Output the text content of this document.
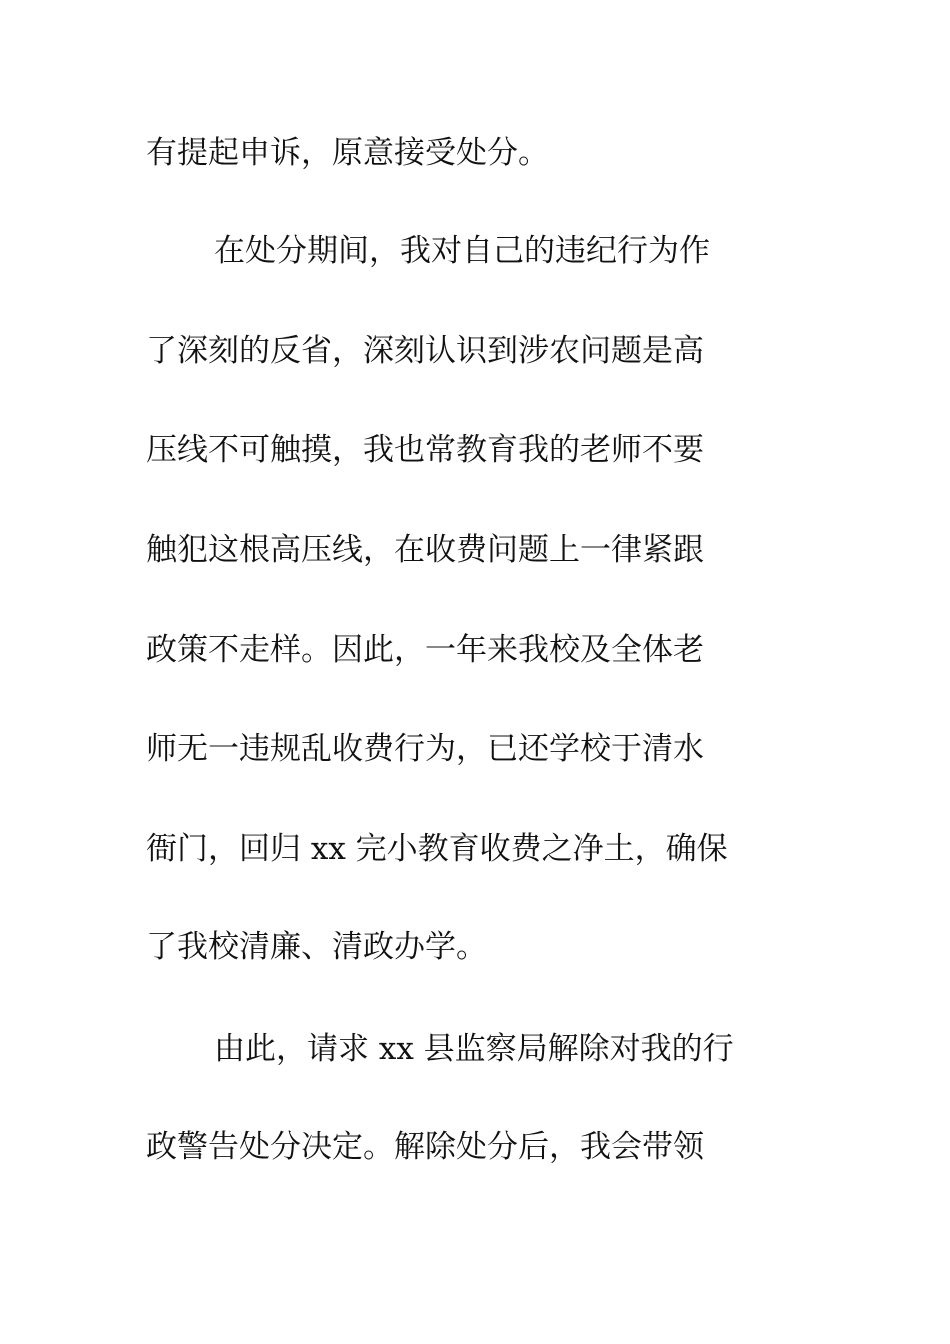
有提起申诉，原意接受处分。
在处分期间，我对自己的违纪行为作
了深刻的反省，深刻认识到涉农问题是高
压线不可触摸，我也常教育我的老师不要
触犯这根高压线，在收费问题上一律紧跟
政策不走样。因此，一年来我校及全体老
师无一违规乱收费行为，已还学校于清水
衙门，回归 xx 完小教育收费之净土，确保
了我校清廉、清政办学。
由此，请求 xx 县监察局解除对我的行
政警告处分决定。解除处分后，我会带领
